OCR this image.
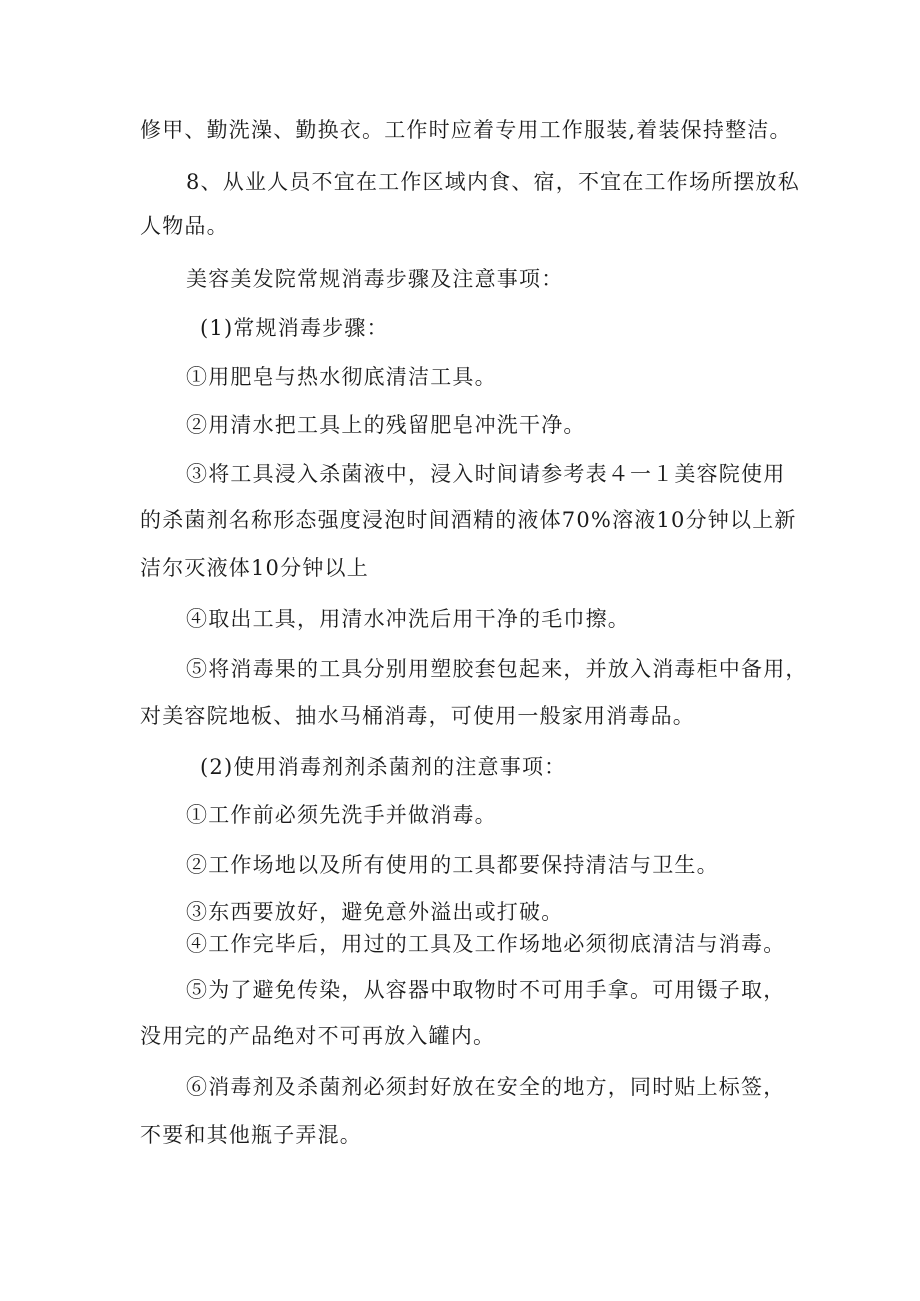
修甲、勤洗澡、勤换衣。工作时应着专用工作服装,着装保持整洁。
8、从业人员不宜在工作区域内食、宿，不宜在工作场所摆放私
人物品。
美容美发院常规消毒步骤及注意事项：
(1)常规消毒步骤：
①用肥皂与热水彻底清洁工具。
②用清水把工具上的残留肥皂冲洗干净。
③将工具浸入杀菌液中，浸入时间请参考表４一１美容院使用
的杀菌剂名称形态强度浸泡时间酒精的液体70%溶液10分钟以上新
洁尔灭液体10分钟以上
④取出工具，用清水冲洗后用干净的毛巾擦。
⑤将消毒果的工具分别用塑胶套包起来，并放入消毒柜中备用，
对美容院地板、抽水马桶消毒，可使用一般家用消毒品。
(2)使用消毒剂剂杀菌剂的注意事项：
①工作前必须先洗手并做消毒。
②工作场地以及所有使用的工具都要保持清洁与卫生。
③东西要放好，避免意外溢出或打破。
④工作完毕后，用过的工具及工作场地必须彻底清洁与消毒。
⑤为了避免传染，从容器中取物时不可用手拿。可用镊子取，
没用完的产品绝对不可再放入罐内。
⑥消毒剂及杀菌剂必须封好放在安全的地方，同时贴上标签，
不要和其他瓶子弄混。
